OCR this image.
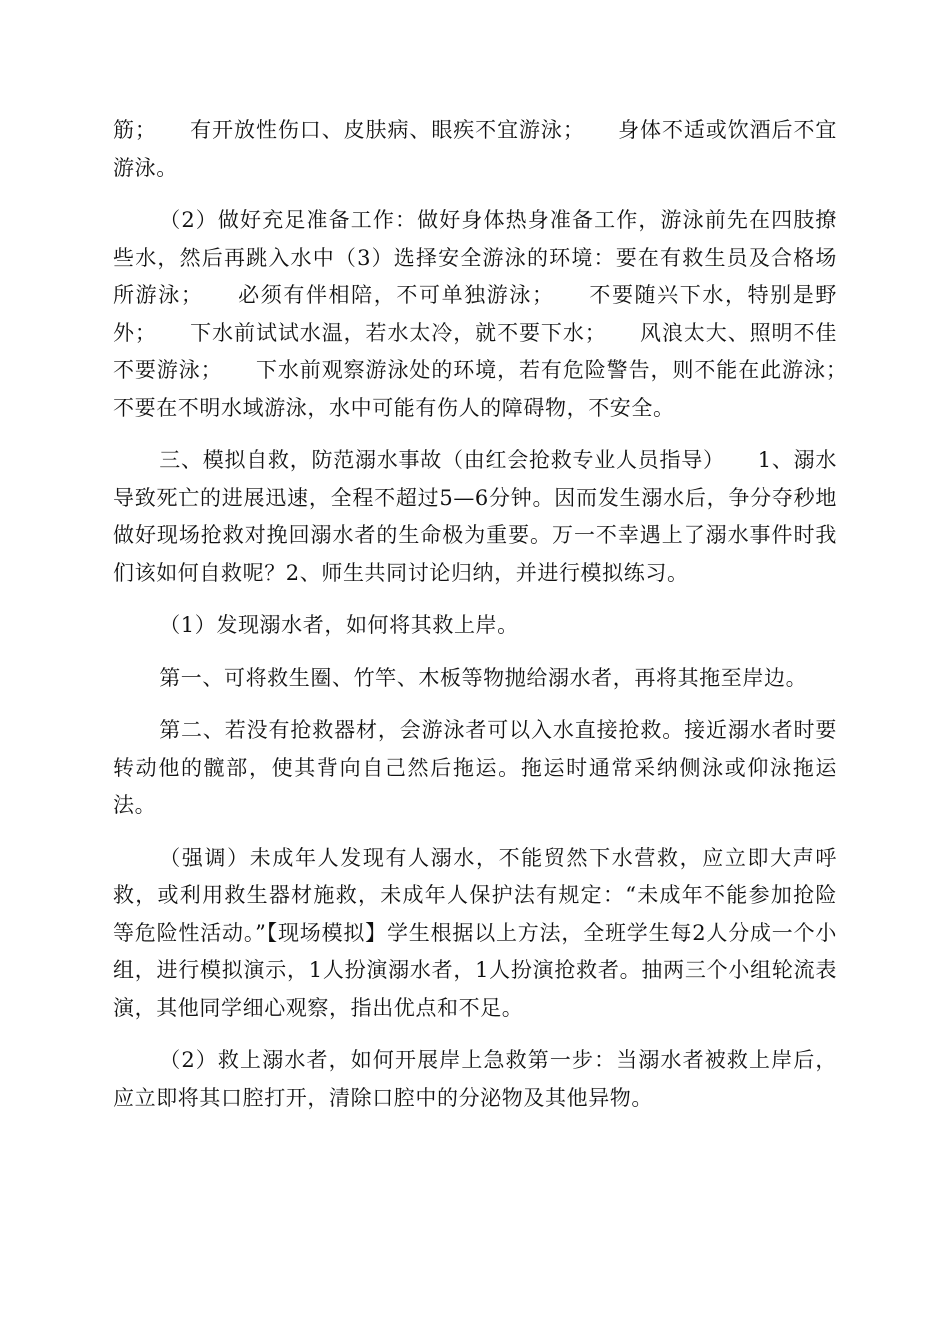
筋；　　有开放性伤口、皮肤病、眼疾不宜游泳；　　身体不适或饮酒后不宜游泳。

（2）做好充足准备工作：做好身体热身准备工作，游泳前先在四肢撩些水，然后再跳入水中（3）选择安全游泳的环境：要在有救生员及合格场所游泳；　　必须有伴相陪，不可单独游泳；　　不要随兴下水，特别是野外；　　下水前试试水温，若水太冷，就不要下水；　　风浪太大、照明不佳不要游泳；　　下水前观察游泳处的环境，若有危险警告，则不能在此游泳；　　不要在不明水域游泳，水中可能有伤人的障碍物，不安全。

三、模拟自救，防范溺水事故（由红会抢救专业人员指导）　　1、溺水导致死亡的进展迅速，全程不超过5—6分钟。因而发生溺水后，争分夺秒地做好现场抢救对挽回溺水者的生命极为重要。万一不幸遇上了溺水事件时我们该如何自救呢？2、师生共同讨论归纳，并进行模拟练习。

（1）发现溺水者，如何将其救上岸。

第一、可将救生圈、竹竿、木板等物抛给溺水者，再将其拖至岸边。

第二、若没有抢救器材，会游泳者可以入水直接抢救。接近溺水者时要转动他的髋部，使其背向自己然后拖运。拖运时通常采纳侧泳或仰泳拖运法。

（强调）未成年人发现有人溺水，不能贸然下水营救，应立即大声呼救，或利用救生器材施救，未成年人保护法有规定：“未成年不能参加抢险等危险性活动。”【现场模拟】学生根据以上方法，全班学生每2人分成一个小组，进行模拟演示，1人扮演溺水者，1人扮演抢救者。抽两三个小组轮流表演，其他同学细心观察，指出优点和不足。

（2）救上溺水者，如何开展岸上急救第一步：当溺水者被救上岸后，应立即将其口腔打开，清除口腔中的分泌物及其他异物。
